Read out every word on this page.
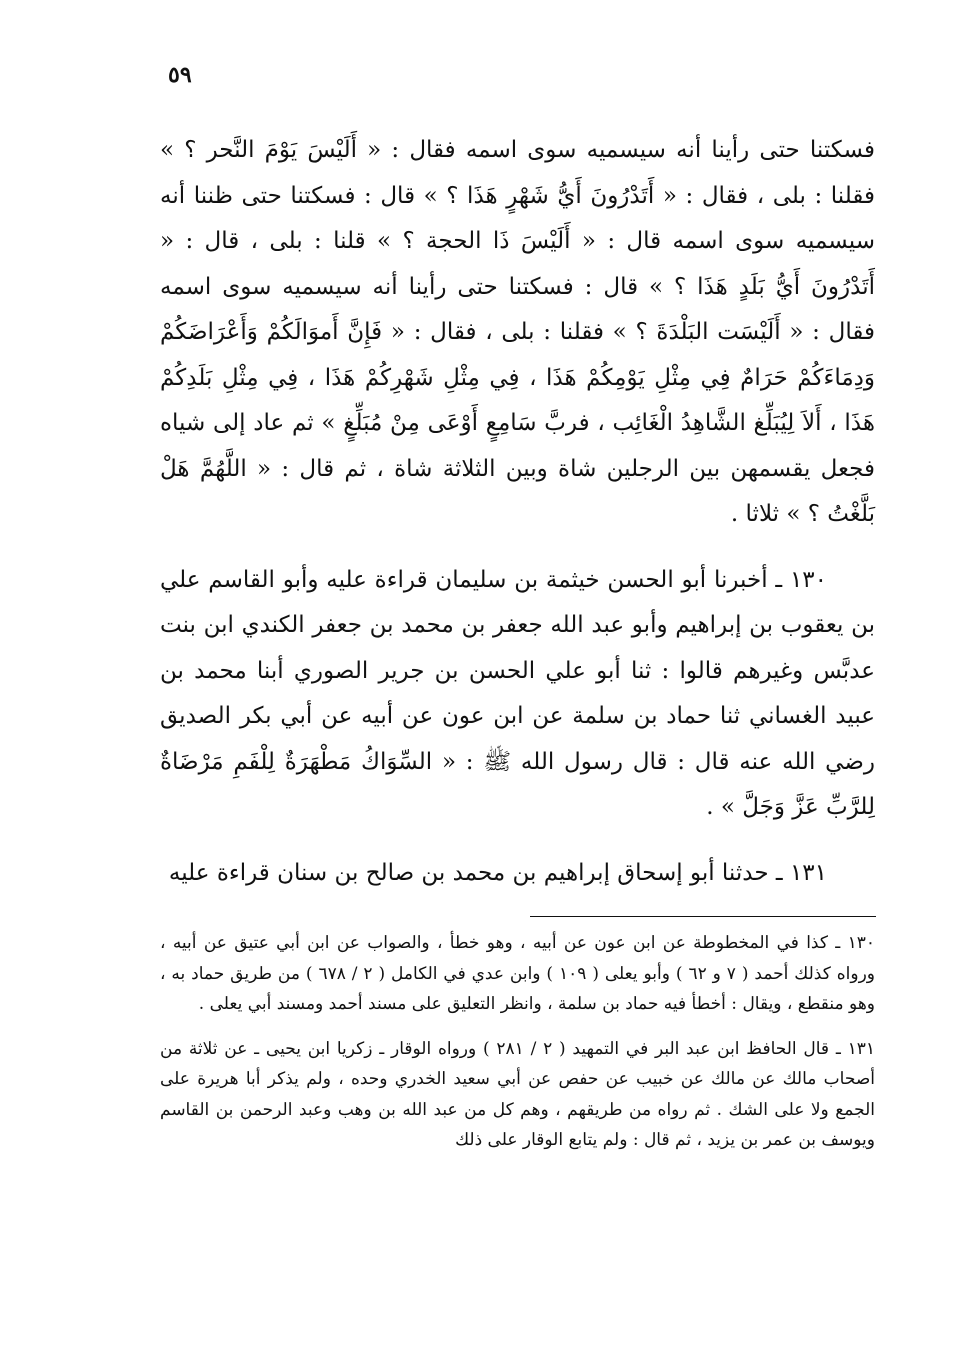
٥٩

فسكتنا حتى رأينا أنه سيسميه سوى اسمه فقال : « أَلَيْسَ يَوْمَ النَّحر ؟ » فقلنا : بلى ، فقال : « أَتَدْرُونَ أَيُّ شَهْرٍ هَذَا ؟ » قال : فسكتنا حتى ظننا أنه سيسميه سوى اسمه قال : « أَلَيْسَ ذَا الحجة ؟ » قلنا : بلى ، قال : « أَتَدْرُونَ أَيُّ بَلَدٍ هَذَا ؟ » قال : فسكتنا حتى رأينا أنه سيسميه سوى اسمه فقال : « أَلَيْسَت البَلْدَةَ ؟ » فقلنا : بلى ، فقال : « فَإِنَّ أَموَالَكُمْ وَأَعْرَاضَكُمْ وَدِمَاءَكُمْ حَرَامٌ فِي مِثْلِ يَوْمِكُمْ هَذَا ، فِي مِثْلِ شَهْرِكُمْ هَذَا ، فِي مِثْلِ بَلَدِكُمْ هَذَا ، أَلاَ لِيُبَلِّغ الشَّاهِدُ الْغَائِب ، فربَّ سَامِعٍ أَوْعَى مِنْ مُبَلِّغٍ » ثم عاد إلى شياه فجعل يقسمهن بين الرجلين شاة وبين الثلاثة شاة ، ثم قال : « اللَّهُمَّ هَلْ بَلَّغْتُ ؟ » ثلاثا .

١٣٠ ـ أخبرنا أبو الحسن خيثمة بن سليمان قراءة عليه وأبو القاسم علي بن يعقوب بن إبراهيم وأبو عبد الله جعفر بن محمد بن جعفر الكندي ابن بنت عدبَّس وغيرهم قالوا : ثنا أبو علي الحسن بن جرير الصوري أبنا محمد بن عبيد الغساني ثنا حماد بن سلمة عن ابن عون عن أبيه عن أبي بكر الصديق رضي الله عنه قال : قال رسول الله ﷺ : « السِّوَاكُ مَطْهَرَةٌ لِلْفَمِ مَرْضَاةٌ لِلرَّبِّ عَزَّ وَجَلَّ » .

١٣١ ـ حدثنا أبو إسحاق إبراهيم بن محمد بن صالح بن سنان قراءة عليه

١٣٠ ـ كذا في المخطوطة عن ابن عون عن أبيه ، وهو خطأ ، والصواب عن ابن أبي عتيق عن أبيه ، ورواه كذلك أحمد ( ٧ و ٦٢ ) وأبو يعلى ( ١٠٩ ) وابن عدي في الكامل ( ٢ / ٦٧٨ ) من طريق حماد به ، وهو منقطع ، ويقال : أخطأ فيه حماد بن سلمة ، وانظر التعليق على مسند أحمد ومسند أبي يعلى .

١٣١ ـ قال الحافظ ابن عبد البر في التمهيد ( ٢ / ٢٨١ ) ورواه الوقار ـ زكريا ابن يحيى ـ عن ثلاثة من أصحاب مالك عن مالك عن خبيب عن حفص عن أبي سعيد الخدري وحده ، ولم يذكر أبا هريرة على الجمع ولا على الشك . ثم رواه من طريقهم ، وهم كل من عبد الله بن وهب وعبد الرحمن بن القاسم ويوسف بن عمر بن يزيد ، ثم قال : ولم يتابع الوقار على ذلك
